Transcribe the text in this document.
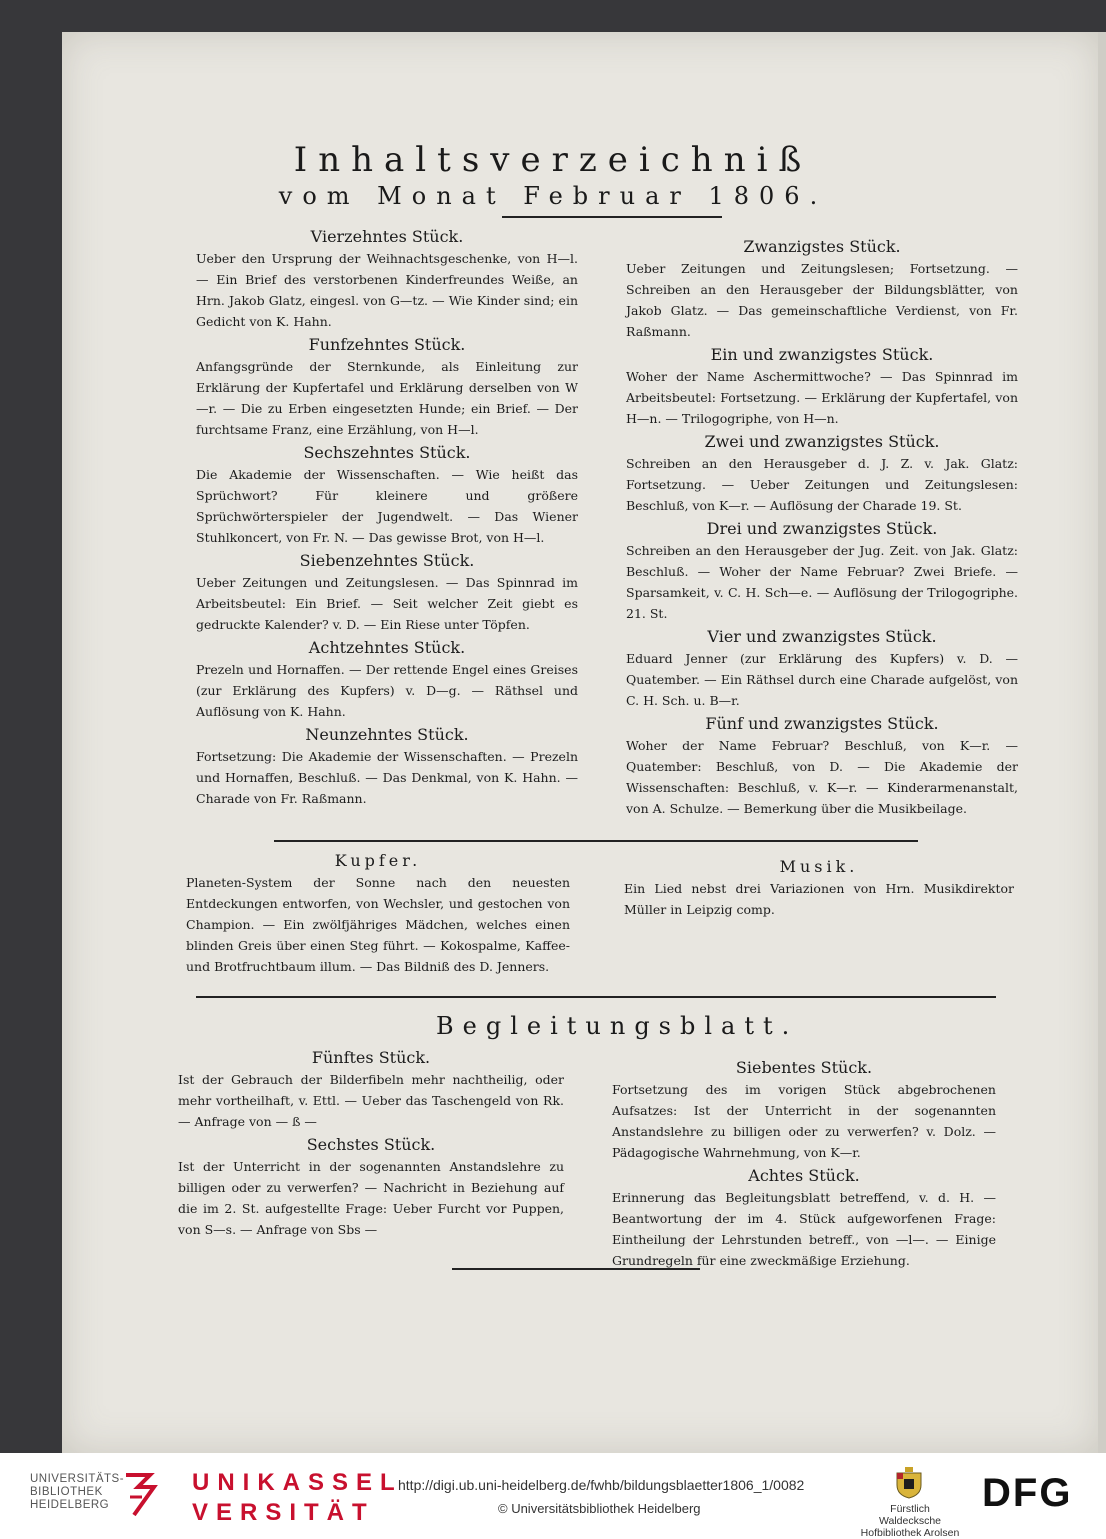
Inhaltsverzeichniß
vom Monat Februar 1806.
Vierzehntes Stück.
Ueber den Ursprung der Weihnachtsgeschenke, von H—l. — Ein Brief des verstorbenen Kinderfreundes Weiße, an Hrn. Jakob Glatz, eingesl. von G—tz. — Wie Kinder sind; ein Gedicht von K. Hahn.
Funfzehntes Stück.
Anfangsgründe der Sternkunde, als Einleitung zur Erklärung der Kupfertafel und Erklärung derselben von W—r. — Die zu Erben eingesetzten Hunde; ein Brief. — Der furchtsame Franz, eine Erzählung, von H—l.
Sechszehntes Stück.
Die Akademie der Wissenschaften. — Wie heißt das Sprüchwort? Für kleinere und größere Sprüchwörterspieler der Jugendwelt. — Das Wiener Stuhlkoncert, von Fr. N. — Das gewisse Brot, von H—l.
Siebenzehntes Stück.
Ueber Zeitungen und Zeitungslesen. — Das Spinnrad im Arbeitsbeutel: Ein Brief. — Seit welcher Zeit giebt es gedruckte Kalender? v. D. — Ein Riese unter Töpfen.
Achtzehntes Stück.
Prezeln und Hornaffen. — Der rettende Engel eines Greises (zur Erklärung des Kupfers) v. D—g. — Räthsel und Auflösung von K. Hahn.
Neunzehntes Stück.
Fortsetzung: Die Akademie der Wissenschaften. — Prezeln und Hornaffen, Beschluß. — Das Denkmal, von K. Hahn. — Charade von Fr. Raßmann.
Zwanzigstes Stück.
Ueber Zeitungen und Zeitungslesen; Fortsetzung. — Schreiben an den Herausgeber der Bildungsblätter, von Jakob Glatz. — Das gemeinschaftliche Verdienst, von Fr. Raßmann.
Ein und zwanzigstes Stück.
Woher der Name Aschermittwoche? — Das Spinnrad im Arbeitsbeutel: Fortsetzung. — Erklärung der Kupfertafel, von H—n. — Trilogogriphe, von H—n.
Zwei und zwanzigstes Stück.
Schreiben an den Herausgeber d. J. Z. v. Jak. Glatz: Fortsetzung. — Ueber Zeitungen und Zeitungslesen: Beschluß, von K—r. — Auflösung der Charade 19. St.
Drei und zwanzigstes Stück.
Schreiben an den Herausgeber der Jug. Zeit. von Jak. Glatz: Beschluß. — Woher der Name Februar? Zwei Briefe. — Sparsamkeit, v. C. H. Sch—e. — Auflösung der Trilogogriphe. 21. St.
Vier und zwanzigstes Stück.
Eduard Jenner (zur Erklärung des Kupfers) v. D. — Quatember. — Ein Räthsel durch eine Charade aufgelöst, von C. H. Sch. u. B—r.
Fünf und zwanzigstes Stück.
Woher der Name Februar? Beschluß, von K—r. — Quatember: Beschluß, von D. — Die Akademie der Wissenschaften: Beschluß, v. K—r. — Kinderarmenanstalt, von A. Schulze. — Bemerkung über die Musikbeilage.
Kupfer.
Planeten-System der Sonne nach den neuesten Entdeckungen entworfen, von Wechsler, und gestochen von Champion. — Ein zwölfjähriges Mädchen, welches einen blinden Greis über einen Steg führt. — Kokospalme, Kaffee- und Brotfruchtbaum illum. — Das Bildniß des D. Jenners.
Musik.
Ein Lied nebst drei Variazionen von Hrn. Musikdirektor Müller in Leipzig comp.
Begleitungsblatt.
Fünftes Stück.
Ist der Gebrauch der Bilderfibeln mehr nachtheilig, oder mehr vortheilhaft, v. Ettl. — Ueber das Taschengeld von Rk. — Anfrage von — ß —
Sechstes Stück.
Ist der Unterricht in der sogenannten Anstandslehre zu billigen oder zu verwerfen? — Nachricht in Beziehung auf die im 2. St. aufgestellte Frage: Ueber Furcht vor Puppen, von S—s. — Anfrage von Sbs —
Siebentes Stück.
Fortsetzung des im vorigen Stück abgebrochenen Aufsatzes: Ist der Unterricht in der sogenannten Anstandslehre zu billigen oder zu verwerfen? v. Dolz. — Pädagogische Wahrnehmung, von K—r.
Achtes Stück.
Erinnerung das Begleitungsblatt betreffend, v. d. H. — Beantwortung der im 4. Stück aufgeworfenen Frage: Eintheilung der Lehrstunden betreff., von —l—. — Einige Grundregeln für eine zweckmäßige Erziehung.
UNIVERSITÄTS-
BIBLIOTHEK
HEIDELBERG
UNIKASSEL
VERSITÄT
http://digi.ub.uni-heidelberg.de/fwhb/bildungsblaetter1806_1/0082
© Universitätsbibliothek Heidelberg	Fürstlich Waldecksche
Hofbibliothek Arolsen
DFG
